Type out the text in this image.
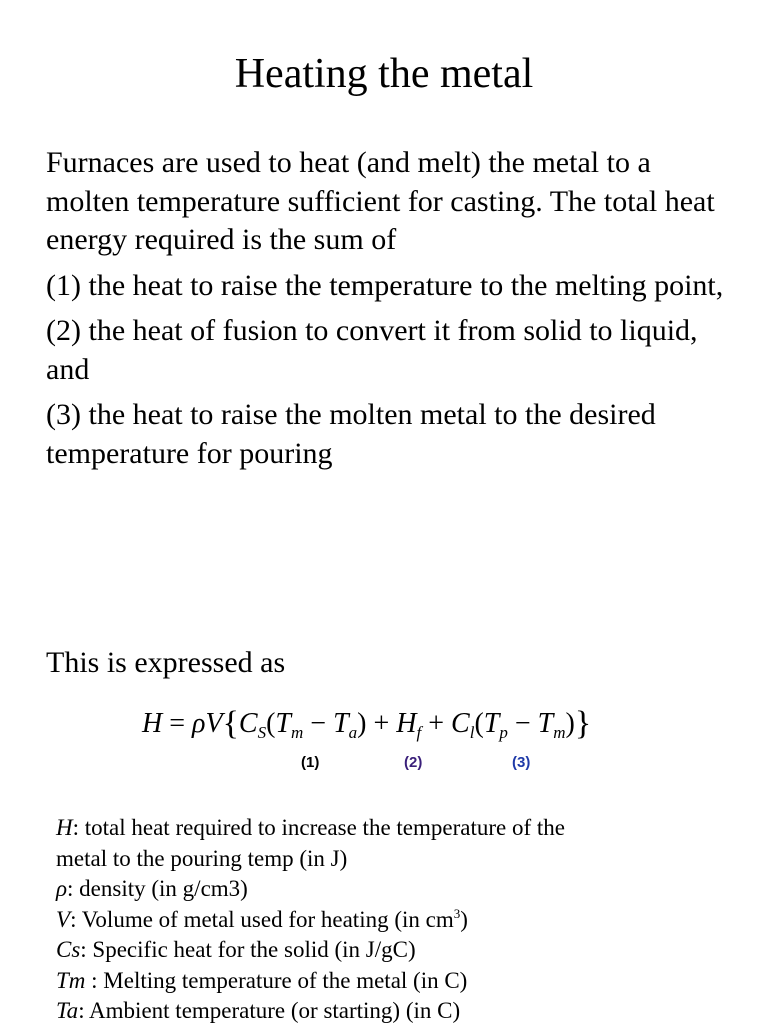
Heating the metal

Furnaces are used to heat (and melt) the metal to a molten temperature sufficient for casting. The total heat energy required is the sum of

(1) the heat to raise the temperature to the melting point,

(2) the heat of fusion to convert it from solid to liquid, and

(3) the heat to raise the molten metal to the desired temperature for pouring

This is expressed as
$H = \rho V\{C_S(T_m - T_a) + H_f + C_l(T_p - T_m)\}$
(1)	(2)	(3)
H: total heat required to increase the temperature of the
metal to the pouring temp (in J)
ρ: density (in g/cm3)
V: Volume of metal used for heating (in $cm^3$)
Cs: Specific heat for the solid (in J/gC)
Tm : Melting temperature of the metal (in C)
Ta: Ambient temperature (or starting) (in C)
